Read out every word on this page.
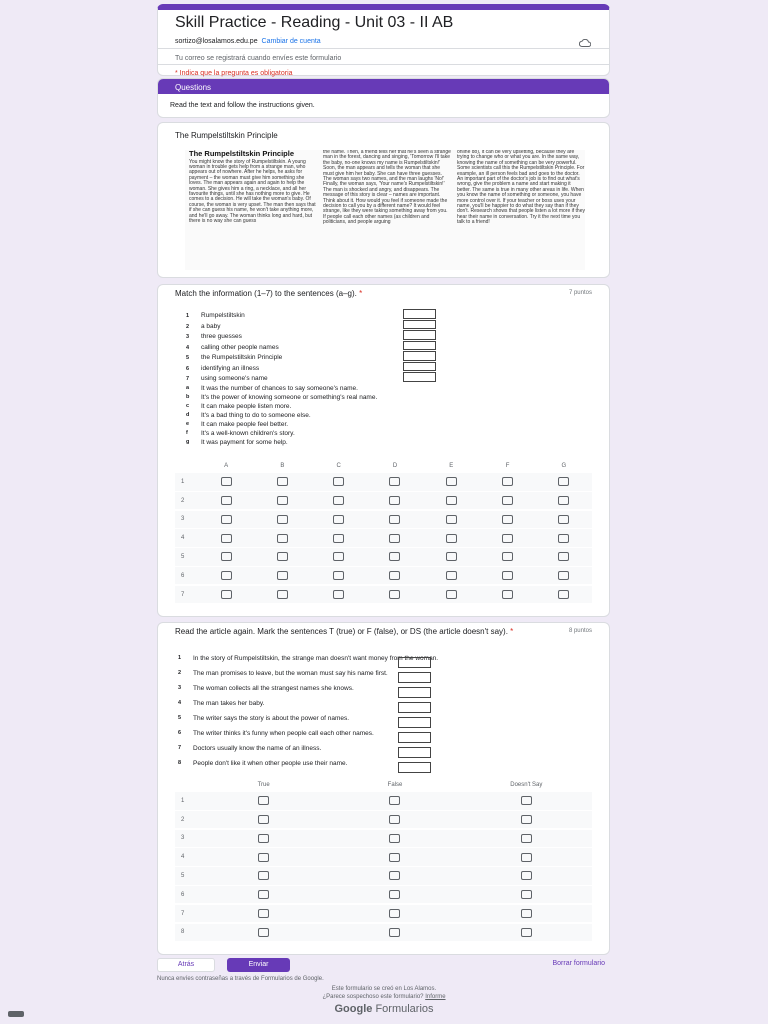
Skill Practice - Reading - Unit 03 - II AB
sortizo@losalamos.edu.pe Cambiar de cuenta
Tu correo se registrará cuando envíes este formulario
* Indica que la pregunta es obligatoria
Questions
Read the text and follow the instructions given.
The Rumpelstiltskin Principle
The Rumpelstiltskin Principle
You might know the story of Rumpelstiltskin. A young woman in trouble gets help from a strange man, who appears out of nowhere. After he helps, he asks for payment – the woman must give him something she loves. The man appears again and again to help the woman. She gives him a ring, a necklace, and all her favourite things, until she has nothing more to give. He comes to a decision. He will take the woman's baby. Of course, the woman is very upset. The man then says that if she can guess his name, he won't take anything more, and he'll go away. The woman thinks long and hard, but there is no way she can guess
the name. Then, a friend tells her that he's seen a strange man in the forest, dancing and singing, 'Tomorrow I'll take the baby, no-one knows my name is Rumpelstiltskin!' Soon, the man appears and tells the woman that she must give him her baby. She can have three guesses. The woman says two names, and the man laughs 'No!' Finally, the woman says, 'Your name's Rumpelstiltskin!' The man is shocked and angry, and disappears. The message of this story is clear – names are important. Think about it. How would you feel if someone made the decision to call you by a different name? It would feel strange, like they were taking something away from you. If people call each other names (as children and politicians, and people arguing
online do), it can be very upsetting, because they are trying to change who or what you are. In the same way, knowing the name of something can be very powerful. Some scientists call this the Rumpelstiltskin Principle. For example, an ill person feels bad and goes to the doctor. An important part of the doctor's job is to find out what's wrong, give the problem a name and start making it better. The same is true in many other areas in life. When you know the name of something or someone, you have more control over it. If your teacher or boss uses your name, you'll be happier to do what they say than if they don't. Research shows that people listen a lot more if they hear their name in conversation. Try it the next time you talk to a friend!
Match the information (1–7) to the sentences (a–g). *	7 puntos
1	Rumpelstiltskin
2	a baby
3	three guesses
4	calling other people names
5	the Rumpelstiltskin Principle
6	identifying an illness
7	using someone's name
a	It was the number of chances to say someone's name.
b	It's the power of knowing someone or something's real name.
c	It can make people listen more.
d	It's a bad thing to do to someone else.
e	It can make people feel better.
f	It's a well-known children's story.
g	It was payment for some help.
A	B	C	D	E	F	G
1
2
3
4
5
6
7
Read the article again. Mark the sentences T (true) or F (false), or DS (the article doesn't say). *	8 puntos
1	In the story of Rumpelstiltskin, the strange man doesn't want money from the woman.
2	The man promises to leave, but the woman must say his name first.
3	The woman collects all the strangest names she knows.
4	The man takes her baby.
5	The writer says the story is about the power of names.
6	The writer thinks it's funny when people call each other names.
7	Doctors usually know the name of an illness.
8	People don't like it when other people use their name.
True	False	Doesn't Say
1
2
3
4
5
6
7
8
Atrás	Enviar	Borrar formulario
Nunca envíes contraseñas a través de Formularios de Google.
Este formulario se creó en Los Alamos.
¿Parece sospechoso este formulario? Informe
Google Formularios
